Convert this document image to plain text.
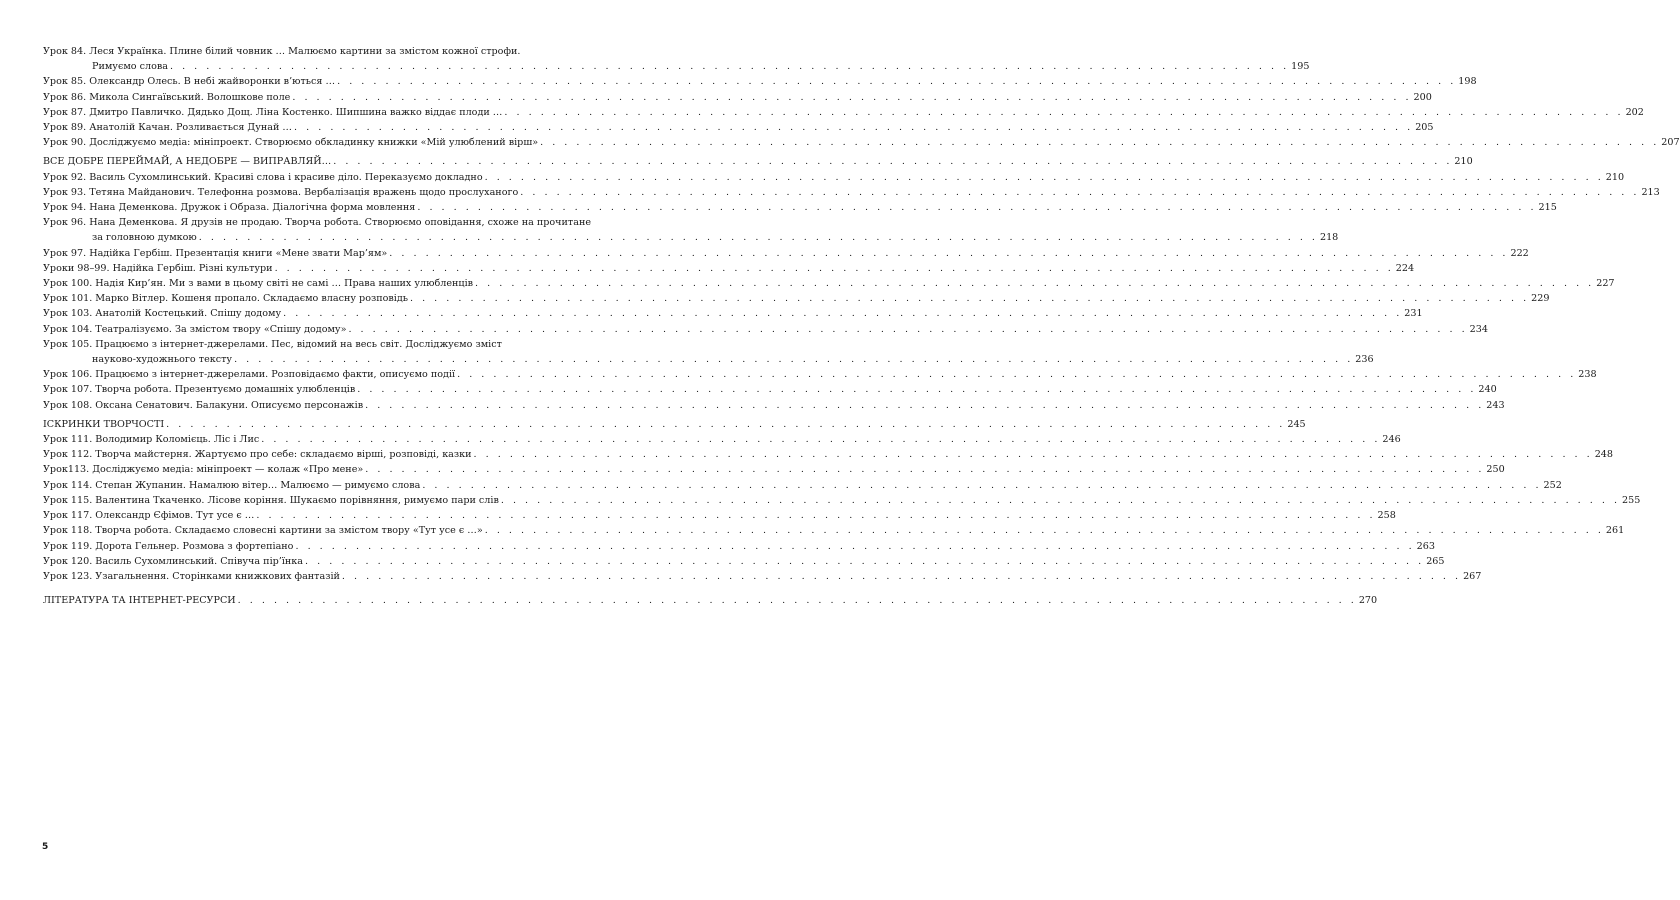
Урок 84. Леся Українка. Плине білий човник … Малюємо картини за змістом кожної строфи.
Римуємо слова . . . . . . . . . . . . . . . . . . . . . . . . . . . . . . . . . . . . . . . . . . . . . . . . . . . . . . . . . . . . . . . . . . . . . . . . . . . . . . . . . . . . . . . . . . . . . 195
Урок 85. Олександр Олесь. В небі жайворонки в’ються … . . . . . . . . . . . . . . . . . . . . . . . . . . . . . . . . . . . . . . . . . . . . . . . . . . . . . . . . . . . . . . . . . . . . . . . . . . . . . . . . . . . . . . . . . . . . . 198
Урок 86. Микола Сингаївський. Волошкове поле . . . . . . . . . . . . . . . . . . . . . . . . . . . . . . . . . . . . . . . . . . . . . . . . . . . . . . . . . . . . . . . . . . . . . . . . . . . . . . . . . . . . . . . . . . . . . 200
Урок 87. Дмитро Павличко. Дядько Дощ. Ліна Костенко. Шипшина важко віддає плоди … . . . . . . . . . . . . . . . . . . . . . . . . . . . . . . . . . . . . . . . . . . . . . . . . . . . . . . . . . . . . . . . . . . . . . . . . . . . . . . . . . . . . . . . . . . . . . 202
Урок 89. Анатолій Качан. Розливається Дунай … . . . . . . . . . . . . . . . . . . . . . . . . . . . . . . . . . . . . . . . . . . . . . . . . . . . . . . . . . . . . . . . . . . . . . . . . . . . . . . . . . . . . . . . . . . . . . 205
Урок 90. Досліджуємо медіа: мініпроект. Створюємо обкладинку книжки «Мій улюблений вірш» . . . . . . . . . . . . . . . . . . . . . . . . . . . . . . . . . . . . . . . . . . . . . . . . . . . . . . . . . . . . . . . . . . . . . . . . . . . . . . . . . . . . . . . . . . . . . 207
ВСЕ ДОБРЕ ПЕРЕЙМАЙ, А НЕДОБРЕ — ВИПРАВЛЯЙ… . . . . . . . . . . . . . . . . . . . . . . . . . . . . . . . . . . . . . . . . . . . . . . . . . . . . . . . . . . . . . . . . . . . . . . . . . . . . . . . . . . . . . . . . . . . . . 210
Урок 92. Василь Сухомлинський. Красиві слова і красиве діло. Переказуємо докладно . . . . . . . . . . . . . . . . . . . . . . . . . . . . . . . . . . . . . . . . . . . . . . . . . . . . . . . . . . . . . . . . . . . . . . . . . . . . . . . . . . . . . . . . . . . . . 210
Урок 93. Тетяна Майданович. Телефонна розмова. Вербалізація вражень щодо прослуханого . . . . . . . . . . . . . . . . . . . . . . . . . . . . . . . . . . . . . . . . . . . . . . . . . . . . . . . . . . . . . . . . . . . . . . . . . . . . . . . . . . . . . . . . . . . . . 213
Урок 94. Нана Деменкова. Дружок і Образа. Діалогічна форма мовлення . . . . . . . . . . . . . . . . . . . . . . . . . . . . . . . . . . . . . . . . . . . . . . . . . . . . . . . . . . . . . . . . . . . . . . . . . . . . . . . . . . . . . . . . . . . . . 215
Урок 96. Нана Деменкова. Я друзів не продаю. Творча робота. Створюємо оповідання, схоже на прочитане
за головною думкою . . . . . . . . . . . . . . . . . . . . . . . . . . . . . . . . . . . . . . . . . . . . . . . . . . . . . . . . . . . . . . . . . . . . . . . . . . . . . . . . . . . . . . . . . . . . . 218
Урок 97. Надійка Гербіш. Презентація книги «Мене звати Мар’ям» . . . . . . . . . . . . . . . . . . . . . . . . . . . . . . . . . . . . . . . . . . . . . . . . . . . . . . . . . . . . . . . . . . . . . . . . . . . . . . . . . . . . . . . . . . . . . 222
Уроки 98–99. Надійка Гербіш. Різні культури . . . . . . . . . . . . . . . . . . . . . . . . . . . . . . . . . . . . . . . . . . . . . . . . . . . . . . . . . . . . . . . . . . . . . . . . . . . . . . . . . . . . . . . . . . . . . 224
Урок 100. Надія Кир’ян. Ми з вами в цьому світі не самі … Права наших улюбленців . . . . . . . . . . . . . . . . . . . . . . . . . . . . . . . . . . . . . . . . . . . . . . . . . . . . . . . . . . . . . . . . . . . . . . . . . . . . . . . . . . . . . . . . . . . . . 227
Урок 101. Марко Вітлер. Кошеня пропало. Складаємо власну розповідь . . . . . . . . . . . . . . . . . . . . . . . . . . . . . . . . . . . . . . . . . . . . . . . . . . . . . . . . . . . . . . . . . . . . . . . . . . . . . . . . . . . . . . . . . . . . . 229
Урок 103. Анатолій Костецький. Спішу додому . . . . . . . . . . . . . . . . . . . . . . . . . . . . . . . . . . . . . . . . . . . . . . . . . . . . . . . . . . . . . . . . . . . . . . . . . . . . . . . . . . . . . . . . . . . . . 231
Урок 104. Театралізуємо. За змістом твору «Спішу додому» . . . . . . . . . . . . . . . . . . . . . . . . . . . . . . . . . . . . . . . . . . . . . . . . . . . . . . . . . . . . . . . . . . . . . . . . . . . . . . . . . . . . . . . . . . . . . 234
Урок 105. Працюємо з інтернет-джерелами. Пес, відомий на весь світ. Досліджуємо зміст
науково-художнього тексту . . . . . . . . . . . . . . . . . . . . . . . . . . . . . . . . . . . . . . . . . . . . . . . . . . . . . . . . . . . . . . . . . . . . . . . . . . . . . . . . . . . . . . . . . . . . . 236
Урок 106. Працюємо з інтернет-джерелами. Розповідаємо факти, описуємо події . . . . . . . . . . . . . . . . . . . . . . . . . . . . . . . . . . . . . . . . . . . . . . . . . . . . . . . . . . . . . . . . . . . . . . . . . . . . . . . . . . . . . . . . . . . . . 238
Урок 107. Творча робота. Презентуємо домашніх улюбленців . . . . . . . . . . . . . . . . . . . . . . . . . . . . . . . . . . . . . . . . . . . . . . . . . . . . . . . . . . . . . . . . . . . . . . . . . . . . . . . . . . . . . . . . . . . . . 240
Урок 108. Оксана Сенатович. Балакуни. Описуємо персонажів . . . . . . . . . . . . . . . . . . . . . . . . . . . . . . . . . . . . . . . . . . . . . . . . . . . . . . . . . . . . . . . . . . . . . . . . . . . . . . . . . . . . . . . . . . . . . 243
ІСКРИНКИ ТВОРЧОСТІ . . . . . . . . . . . . . . . . . . . . . . . . . . . . . . . . . . . . . . . . . . . . . . . . . . . . . . . . . . . . . . . . . . . . . . . . . . . . . . . . . . . . . . . . . . . . . 245
Урок 111. Володимир Коломієць. Ліс і Лис . . . . . . . . . . . . . . . . . . . . . . . . . . . . . . . . . . . . . . . . . . . . . . . . . . . . . . . . . . . . . . . . . . . . . . . . . . . . . . . . . . . . . . . . . . . . . 246
Урок 112. Творча майстерня. Жартуємо про себе: складаємо вірші, розповіді, казки . . . . . . . . . . . . . . . . . . . . . . . . . . . . . . . . . . . . . . . . . . . . . . . . . . . . . . . . . . . . . . . . . . . . . . . . . . . . . . . . . . . . . . . . . . . . . 248
Урок113. Досліджуємо медіа: мініпроект — колаж «Про мене» . . . . . . . . . . . . . . . . . . . . . . . . . . . . . . . . . . . . . . . . . . . . . . . . . . . . . . . . . . . . . . . . . . . . . . . . . . . . . . . . . . . . . . . . . . . . . 250
Урок 114. Степан Жупанин. Намалюю вітер… Малюємо — римуємо слова . . . . . . . . . . . . . . . . . . . . . . . . . . . . . . . . . . . . . . . . . . . . . . . . . . . . . . . . . . . . . . . . . . . . . . . . . . . . . . . . . . . . . . . . . . . . . 252
Урок 115. Валентина Ткаченко. Лісове коріння. Шукаємо порівняння, римуємо пари слів . . . . . . . . . . . . . . . . . . . . . . . . . . . . . . . . . . . . . . . . . . . . . . . . . . . . . . . . . . . . . . . . . . . . . . . . . . . . . . . . . . . . . . . . . . . . . 255
Урок 117. Олександр Єфімов. Тут усе є … . . . . . . . . . . . . . . . . . . . . . . . . . . . . . . . . . . . . . . . . . . . . . . . . . . . . . . . . . . . . . . . . . . . . . . . . . . . . . . . . . . . . . . . . . . . . . 258
Урок 118. Творча робота. Складаємо словесні картини за змістом твору «Тут усе є …» . . . . . . . . . . . . . . . . . . . . . . . . . . . . . . . . . . . . . . . . . . . . . . . . . . . . . . . . . . . . . . . . . . . . . . . . . . . . . . . . . . . . . . . . . . . . . 261
Урок 119. Дорота Гельнер. Розмова з фортепіано . . . . . . . . . . . . . . . . . . . . . . . . . . . . . . . . . . . . . . . . . . . . . . . . . . . . . . . . . . . . . . . . . . . . . . . . . . . . . . . . . . . . . . . . . . . . . 263
Урок 120. Василь Сухомлинський. Співуча пір’їнка . . . . . . . . . . . . . . . . . . . . . . . . . . . . . . . . . . . . . . . . . . . . . . . . . . . . . . . . . . . . . . . . . . . . . . . . . . . . . . . . . . . . . . . . . . . . . 265
Урок 123. Узагальнення. Сторінками книжкових фантазій . . . . . . . . . . . . . . . . . . . . . . . . . . . . . . . . . . . . . . . . . . . . . . . . . . . . . . . . . . . . . . . . . . . . . . . . . . . . . . . . . . . . . . . . . . . . . 267
ЛІТЕРАТУРА ТА ІНТЕРНЕТ-РЕСУРСИ . . . . . . . . . . . . . . . . . . . . . . . . . . . . . . . . . . . . . . . . . . . . . . . . . . . . . . . . . . . . . . . . . . . . . . . . . . . . . . . . . . . . . . . . . . . . . 270
5
